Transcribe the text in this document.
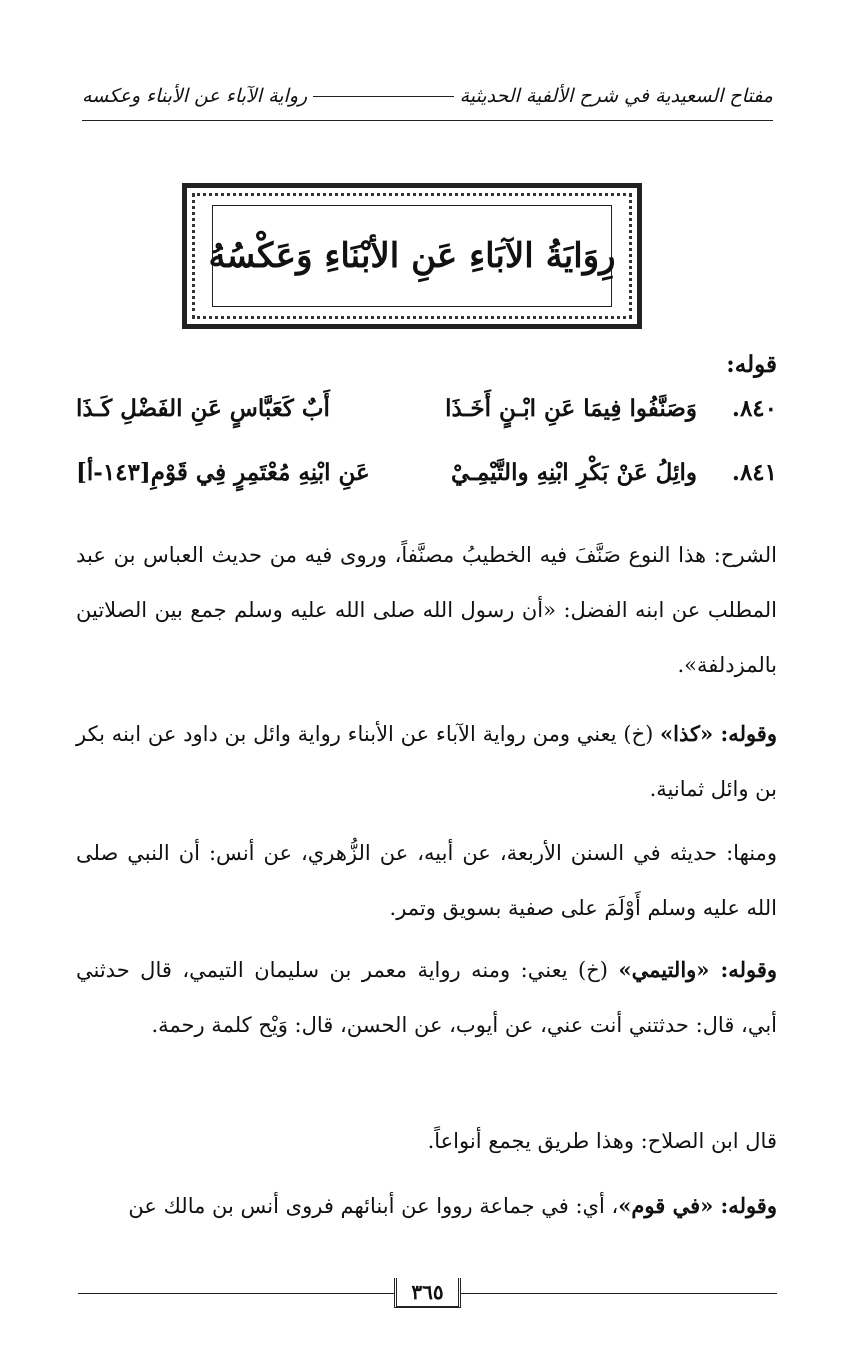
مفتاح السعيدية في شرح الألفية الحديثية
رواية الآباء عن الأبناء وعكسه
رِوَايَةُ الآبَاءِ عَنِ الأبْنَاءِ وَعَكْسُهُ
قوله:
٨٤٠.
وَصَنَّفُوا فِيمَا عَنِ ابْـنٍ أَخَـذَا
أَبٌ كَعَبَّاسٍ عَنِ الفَضْلِ كَـذَا
٨٤١.
وائِلُ عَنْ بَكْرِ ابْنِهِ والتَّيْمِـيْ
عَنِ ابْنِهِ مُعْتَمِرٍ فِي قَوْمِ[١٤٣-أ]

الشرح: هذا النوع صَنَّفَ فيه الخطيبُ مصنَّفاً، وروى فيه من حديث العباس بن عبد المطلب عن ابنه الفضل: «أن رسول الله صلى الله عليه وسلم جمع بين الصلاتين بالمزدلفة».

وقوله: «كذا» (خ) يعني ومن رواية الآباء عن الأبناء رواية وائل بن داود عن ابنه بكر بن وائل ثمانية.

ومنها: حديثه في السنن الأربعة، عن أبيه، عن الزُّهري، عن أنس: أن النبي صلى الله عليه وسلم أَوْلَمَ على صفية بسويق وتمر.

وقوله: «والتيمي» (خ) يعني: ومنه رواية معمر بن سليمان التيمي، قال حدثني أبي، قال: حدثتني أنت عني، عن أيوب، عن الحسن، قال: وَيْح كلمة رحمة.

قال ابن الصلاح: وهذا طريق يجمع أنواعاً.

وقوله: «في قوم»، أي: في جماعة رووا عن أبنائهم فروى أنس بن مالك عن

٣٦٥
